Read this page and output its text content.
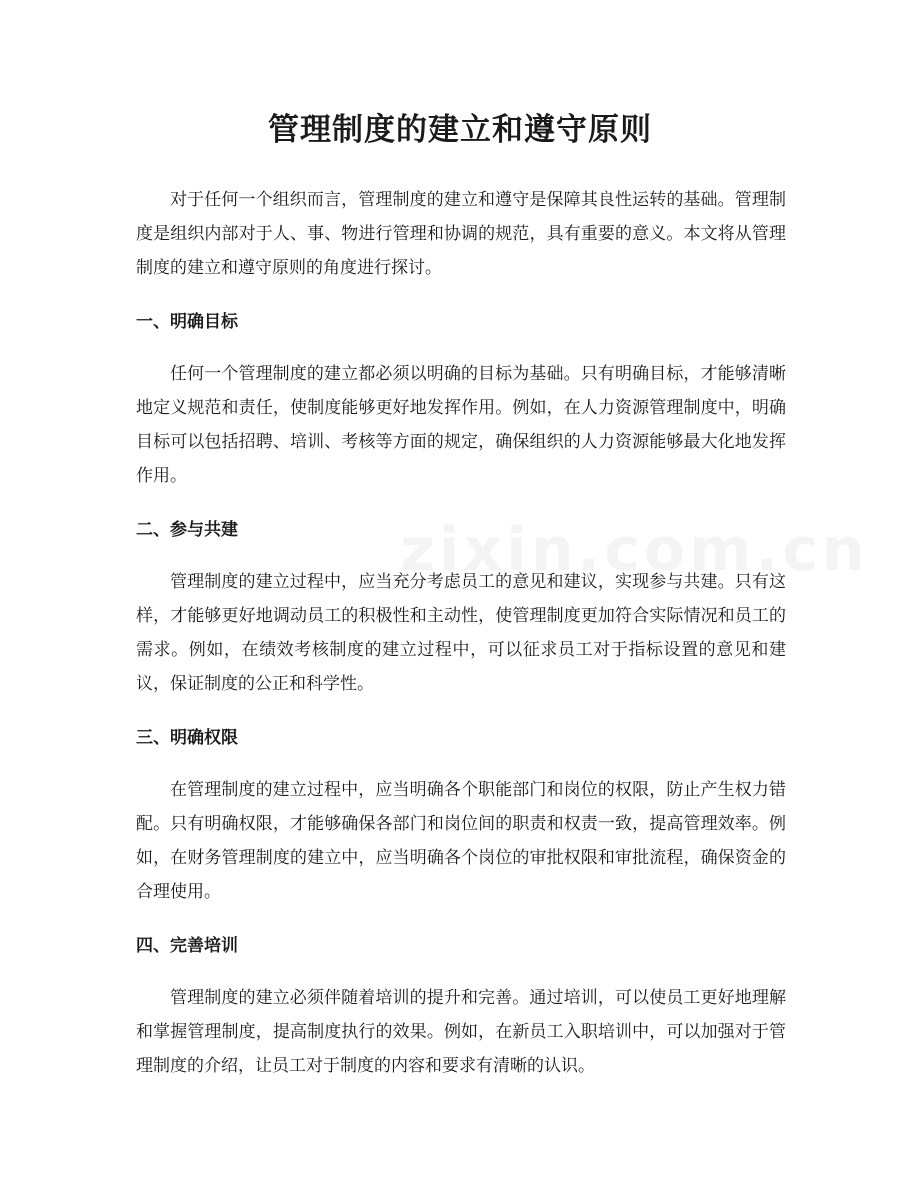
管理制度的建立和遵守原则

对于任何一个组织而言，管理制度的建立和遵守是保障其良性运转的基础。管理制度是组织内部对于人、事、物进行管理和协调的规范，具有重要的意义。本文将从管理制度的建立和遵守原则的角度进行探讨。

一、明确目标

任何一个管理制度的建立都必须以明确的目标为基础。只有明确目标，才能够清晰地定义规范和责任，使制度能够更好地发挥作用。例如，在人力资源管理制度中，明确目标可以包括招聘、培训、考核等方面的规定，确保组织的人力资源能够最大化地发挥作用。

二、参与共建

管理制度的建立过程中，应当充分考虑员工的意见和建议，实现参与共建。只有这样，才能够更好地调动员工的积极性和主动性，使管理制度更加符合实际情况和员工的需求。例如，在绩效考核制度的建立过程中，可以征求员工对于指标设置的意见和建议，保证制度的公正和科学性。

三、明确权限

在管理制度的建立过程中，应当明确各个职能部门和岗位的权限，防止产生权力错配。只有明确权限，才能够确保各部门和岗位间的职责和权责一致，提高管理效率。例如，在财务管理制度的建立中，应当明确各个岗位的审批权限和审批流程，确保资金的合理使用。

四、完善培训

管理制度的建立必须伴随着培训的提升和完善。通过培训，可以使员工更好地理解和掌握管理制度，提高制度执行的效果。例如，在新员工入职培训中，可以加强对于管理制度的介绍，让员工对于制度的内容和要求有清晰的认识。
